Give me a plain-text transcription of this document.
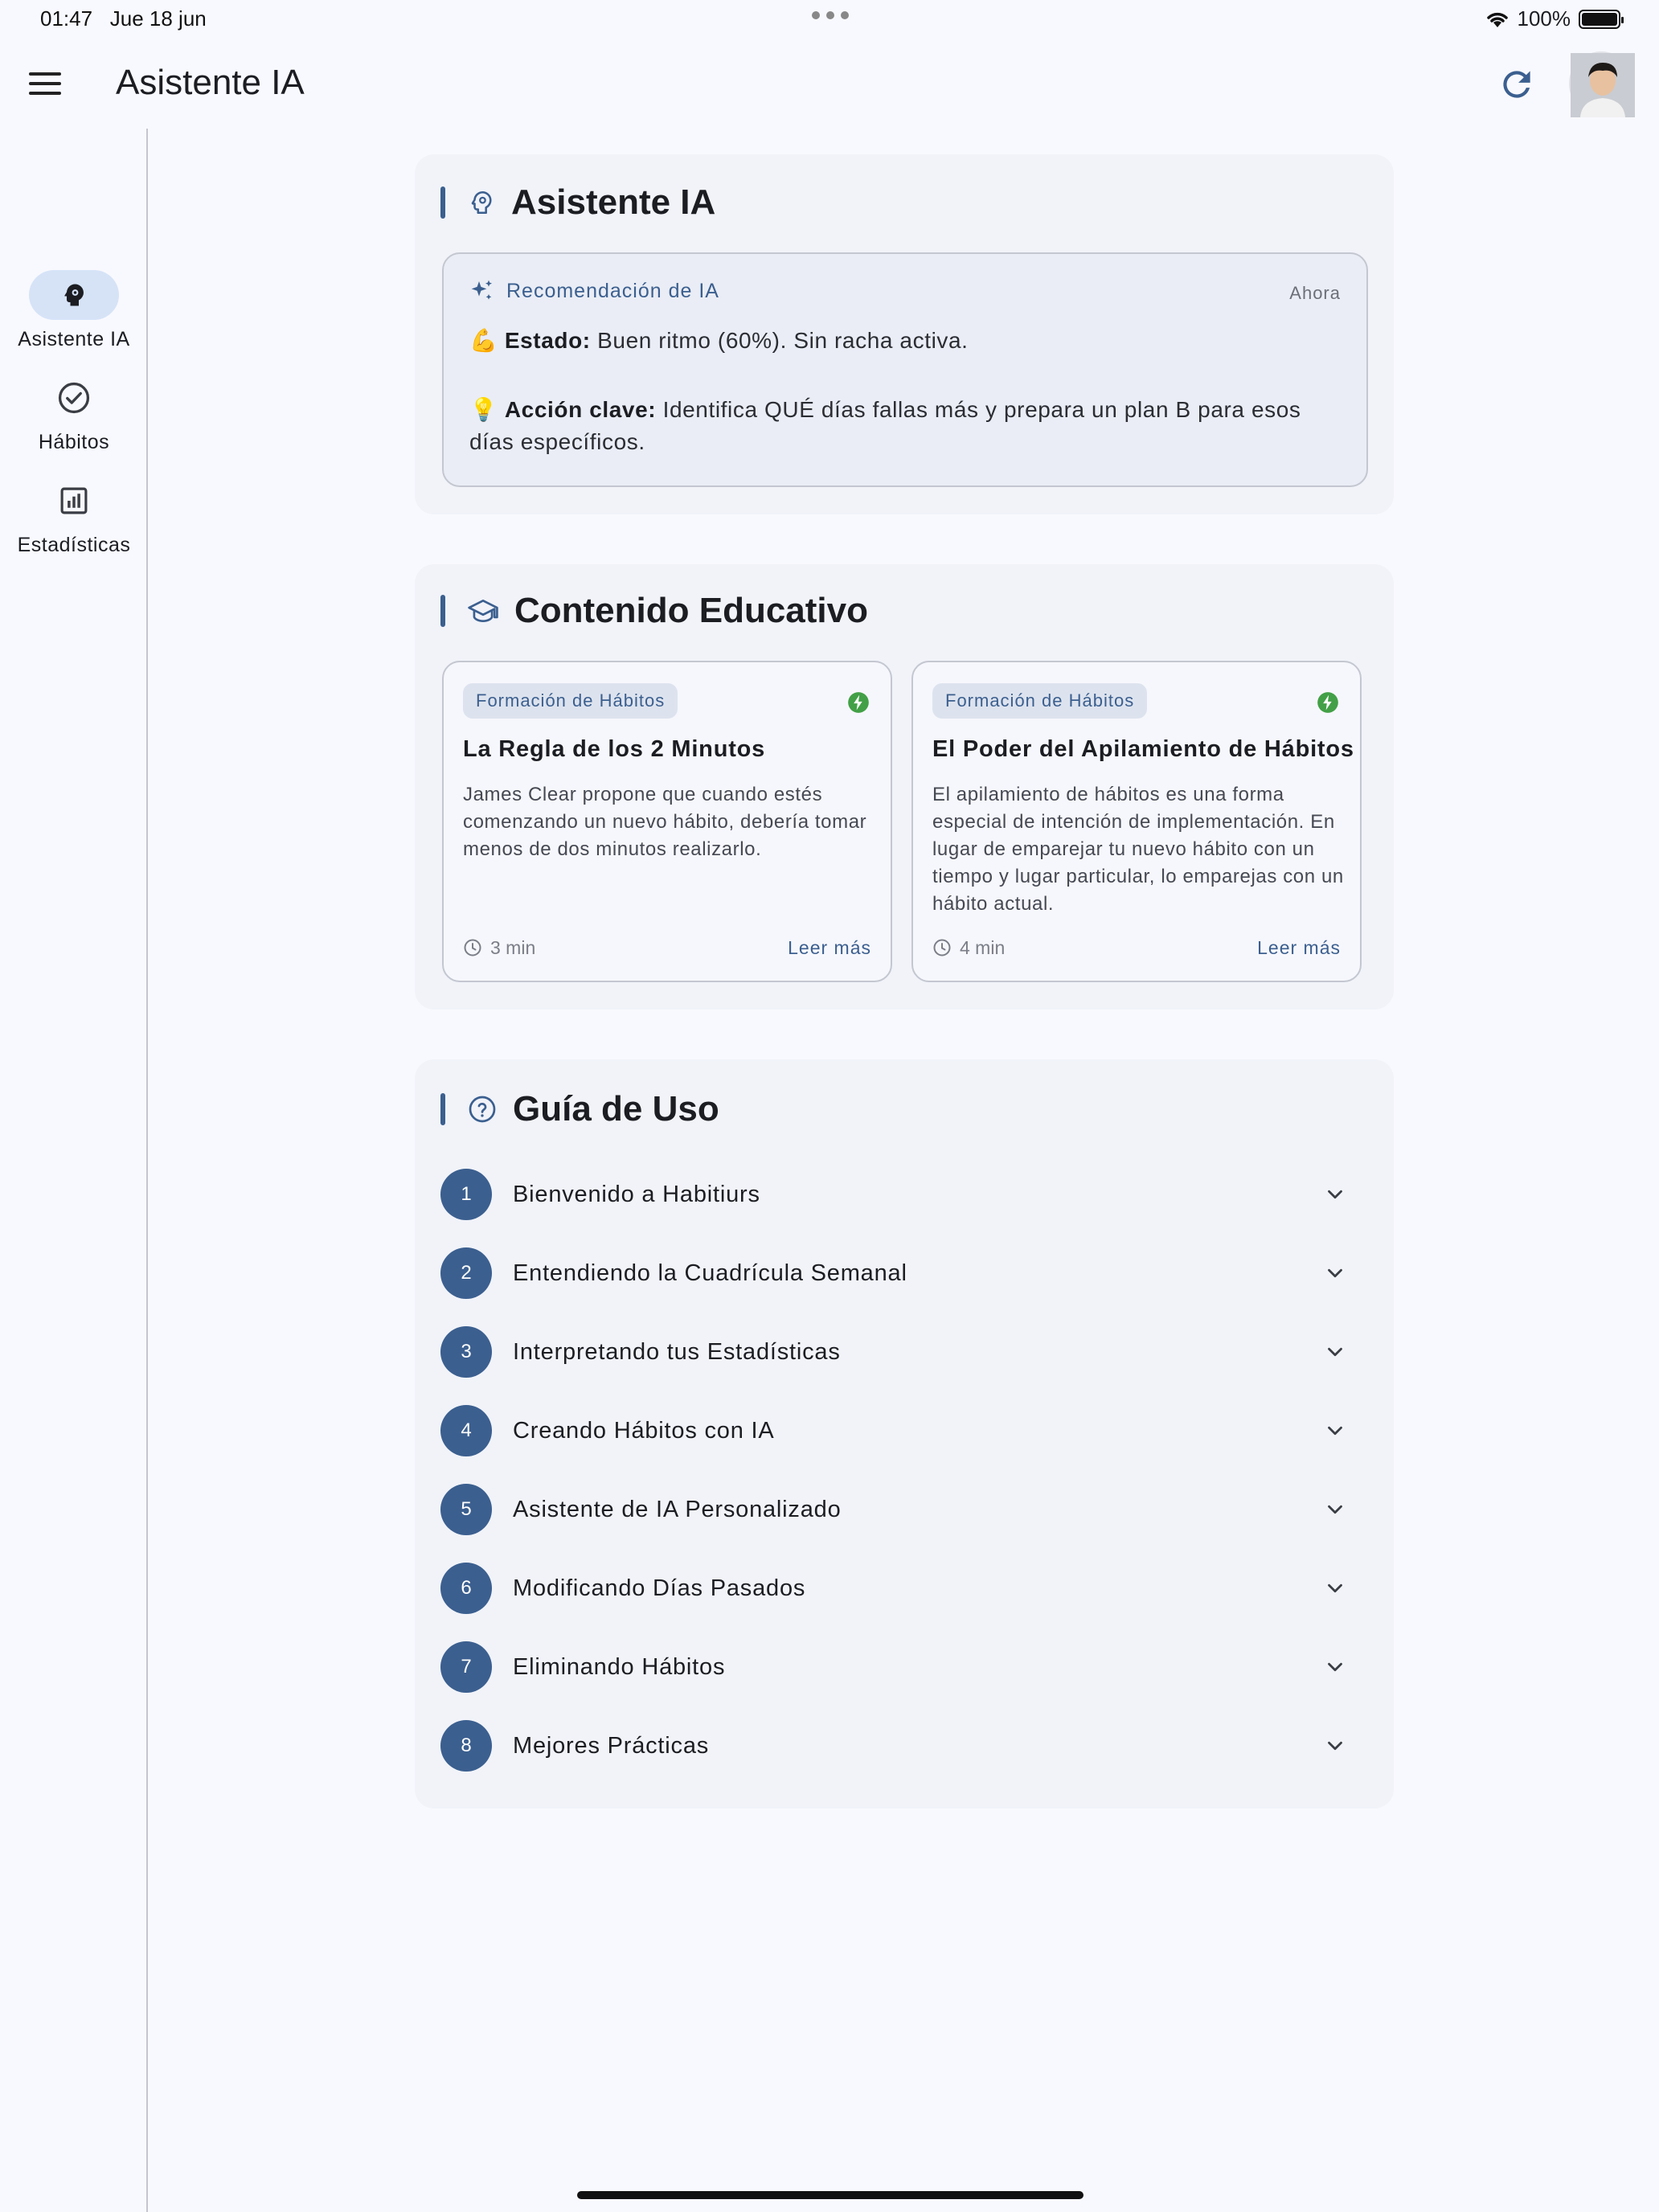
01:47 Jue 18 jun	100%
Asistente IA
Asistente IA
Hábitos
Estadísticas
Asistente IA
Recomendación de IA	Ahora
💪 Estado: Buen ritmo (60%). Sin racha activa.
💡 Acción clave: Identifica QUÉ días fallas más y prepara un plan B para esos
días específicos.
Contenido Educativo
Formación de Hábitos
La Regla de los 2 Minutos
James Clear propone que cuando estés comenzando un nuevo hábito, debería tomar menos de dos minutos realizarlo.
3 min	Leer más
Formación de Hábitos
El Poder del Apilamiento de Hábitos
El apilamiento de hábitos es una forma especial de intención de implementación. En lugar de emparejar tu nuevo hábito con un tiempo y lugar particular, lo emparejas con un hábito actual.
4 min	Leer más
Guía de Uso
1	Bienvenido a Habitiurs
2	Entendiendo la Cuadrícula Semanal
3	Interpretando tus Estadísticas
4	Creando Hábitos con IA
5	Asistente de IA Personalizado
6	Modificando Días Pasados
7	Eliminando Hábitos
8	Mejores Prácticas
